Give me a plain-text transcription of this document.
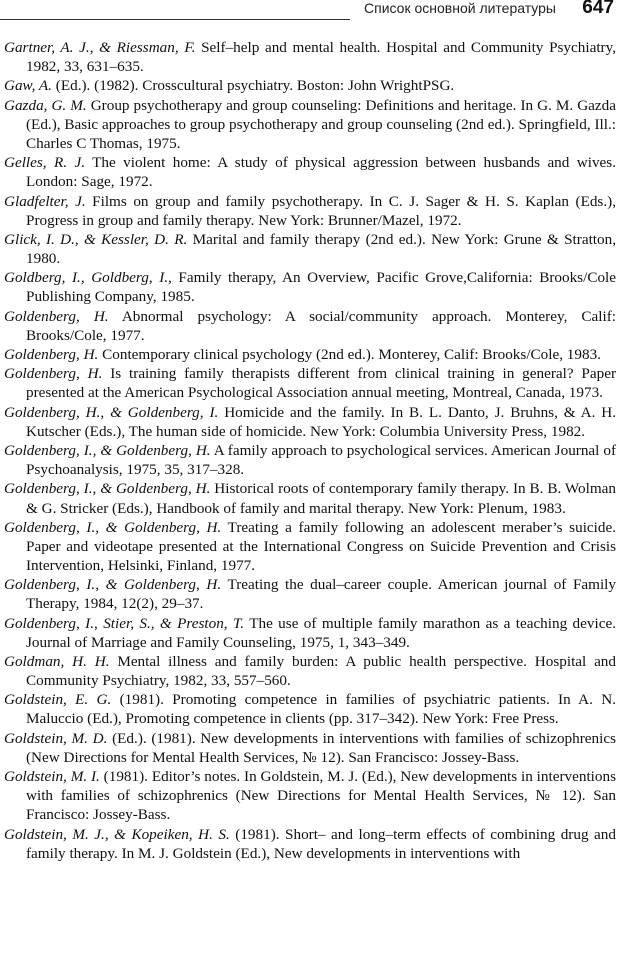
Список основной литературы 647

Gartner, A. J., & Riessman, F. Self–help and mental health. Hospital and Community Psychiatry, 1982, 33, 631–635.

Gaw, A. (Ed.). (1982). Crosscultural psychiatry. Boston: John WrightPSG.

Gazda, G. M. Group psychotherapy and group counseling: Definitions and heritage. In G. M. Gazda (Ed.), Basic approaches to group psychotherapy and group counseling (2nd ed.). Springfield, Ill.: Charles C Thomas, 1975.

Gelles, R. J. The violent home: A study of physical aggression between husbands and wives. London: Sage, 1972.

Gladfelter, J. Films on group and family psychotherapy. In C. J. Sager & H. S. Kaplan (Eds.), Progress in group and family therapy. New York: Brunner/Mazel, 1972.

Glick, I. D., & Kessler, D. R. Marital and family therapy (2nd ed.). New York: Grune & Stratton, 1980.

Goldberg, I., Goldberg, I., Family therapy, An Overview, Pacific Grove,California: Brooks/Cole Publishing Company, 1985.

Goldenberg, H. Abnormal psychology: A social/community approach. Monterey, Calif: Brooks/Cole, 1977.

Goldenberg, H. Contemporary clinical psychology (2nd ed.). Monterey, Calif: Brooks/Cole, 1983.

Goldenberg, H. Is training family therapists different from clinical training in general? Paper presented at the American Psychological Association annual meeting, Montreal, Canada, 1973.

Goldenberg, H., & Goldenberg, I. Homicide and the family. In B. L. Danto, J. Bruhns, & A. H. Kutscher (Eds.), The human side of homicide. New York: Columbia University Press, 1982.

Goldenberg, I., & Goldenberg, H. A family approach to psychological services. American Journal of Psychoanalysis, 1975, 35, 317–328.

Goldenberg, I., & Goldenberg, H. Historical roots of contemporary family therapy. In B. B. Wolman & G. Stricker (Eds.), Handbook of family and marital therapy. New York: Plenum, 1983.

Goldenberg, I., & Goldenberg, H. Treating a family following an adolescent meraber’s suicide. Paper and videotape presented at the International Congress on Suicide Prevention and Crisis Intervention, Helsinki, Finland, 1977.

Goldenberg, I., & Goldenberg, H. Treating the dual–career couple. American journal of Family Therapy, 1984, 12(2), 29–37.

Goldenberg, I., Stier, S., & Preston, T. The use of multiple family marathon as a teaching device. Journal of Marriage and Family Counseling, 1975, 1, 343–349.

Goldman, H. H. Mental illness and family burden: A public health perspective. Hospital and Community Psychiatry, 1982, 33, 557–560.

Goldstein, E. G. (1981). Promoting competence in families of psychiatric patients. In A. N. Maluccio (Ed.), Promoting competence in clients (pp. 317–342). New York: Free Press.

Goldstein, M. D. (Ed.). (1981). New developments in interventions with families of schizophrenics (New Directions for Mental Health Services, № 12). San Francisco: Jossey-Bass.

Goldstein, M. I. (1981). Editor’s notes. In Goldstein, M. J. (Ed.), New developments in interventions with families of schizophrenics (New Directions for Mental Health Services, № 12). San Francisco: Jossey-Bass.

Goldstein, M. J., & Kopeiken, H. S. (1981). Short– and long–term effects of combining drug and family therapy. In M. J. Goldstein (Ed.), New developments in interventions with
